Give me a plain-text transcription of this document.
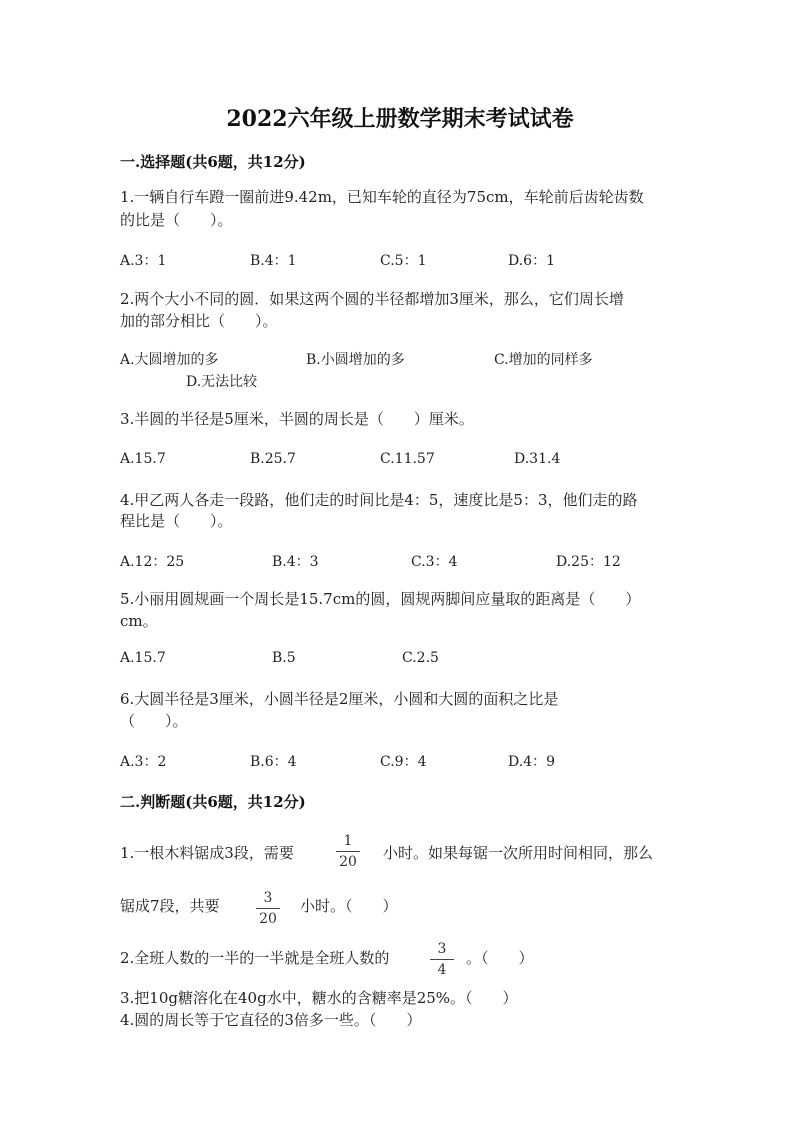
2022六年级上册数学期末考试试卷
一.选择题(共6题，共12分)
1.一辆自行车蹬一圈前进9.42m，已知车轮的直径为75cm，车轮前后齿轮齿数
的比是（　　）。
A.3：1	B.4：1	C.5：1	D.6：1
2.两个大小不同的圆．如果这两个圆的半径都增加3厘米，那么，它们周长增
加的部分相比（　　）。
A.大圆增加的多	B.小圆增加的多	C.增加的同样多
D.无法比较
3.半圆的半径是5厘米，半圆的周长是（　　）厘米。
A.15.7	B.25.7	C.11.57	D.31.4
4.甲乙两人各走一段路，他们走的时间比是4：5，速度比是5：3，他们走的路
程比是（　　）。
A.12：25	B.4：3	C.3：4	D.25：12
5.小丽用圆规画一个周长是15.7cm的圆，圆规两脚间应量取的距离是（　　）
cm。
A.15.7	B.5	C.2.5
6.大圆半径是3厘米，小圆半径是2厘米，小圆和大圆的面积之比是
（　　）。
A.3：2	B.6：4	C.9：4	D.4：9
二.判断题(共6题，共12分)
1.一根木料锯成3段，需要
1
20	小时。如果每锯一次所用时间相同，那么
锯成7段，共要	3
20
小时。（　　）
2.全班人数的一半的一半就是全班人数的	3
4
。（　　）
3.把10g糖溶化在40g水中，糖水的含糖率是25%。（　　）
4.圆的周长等于它直径的3倍多一些。（　　）
